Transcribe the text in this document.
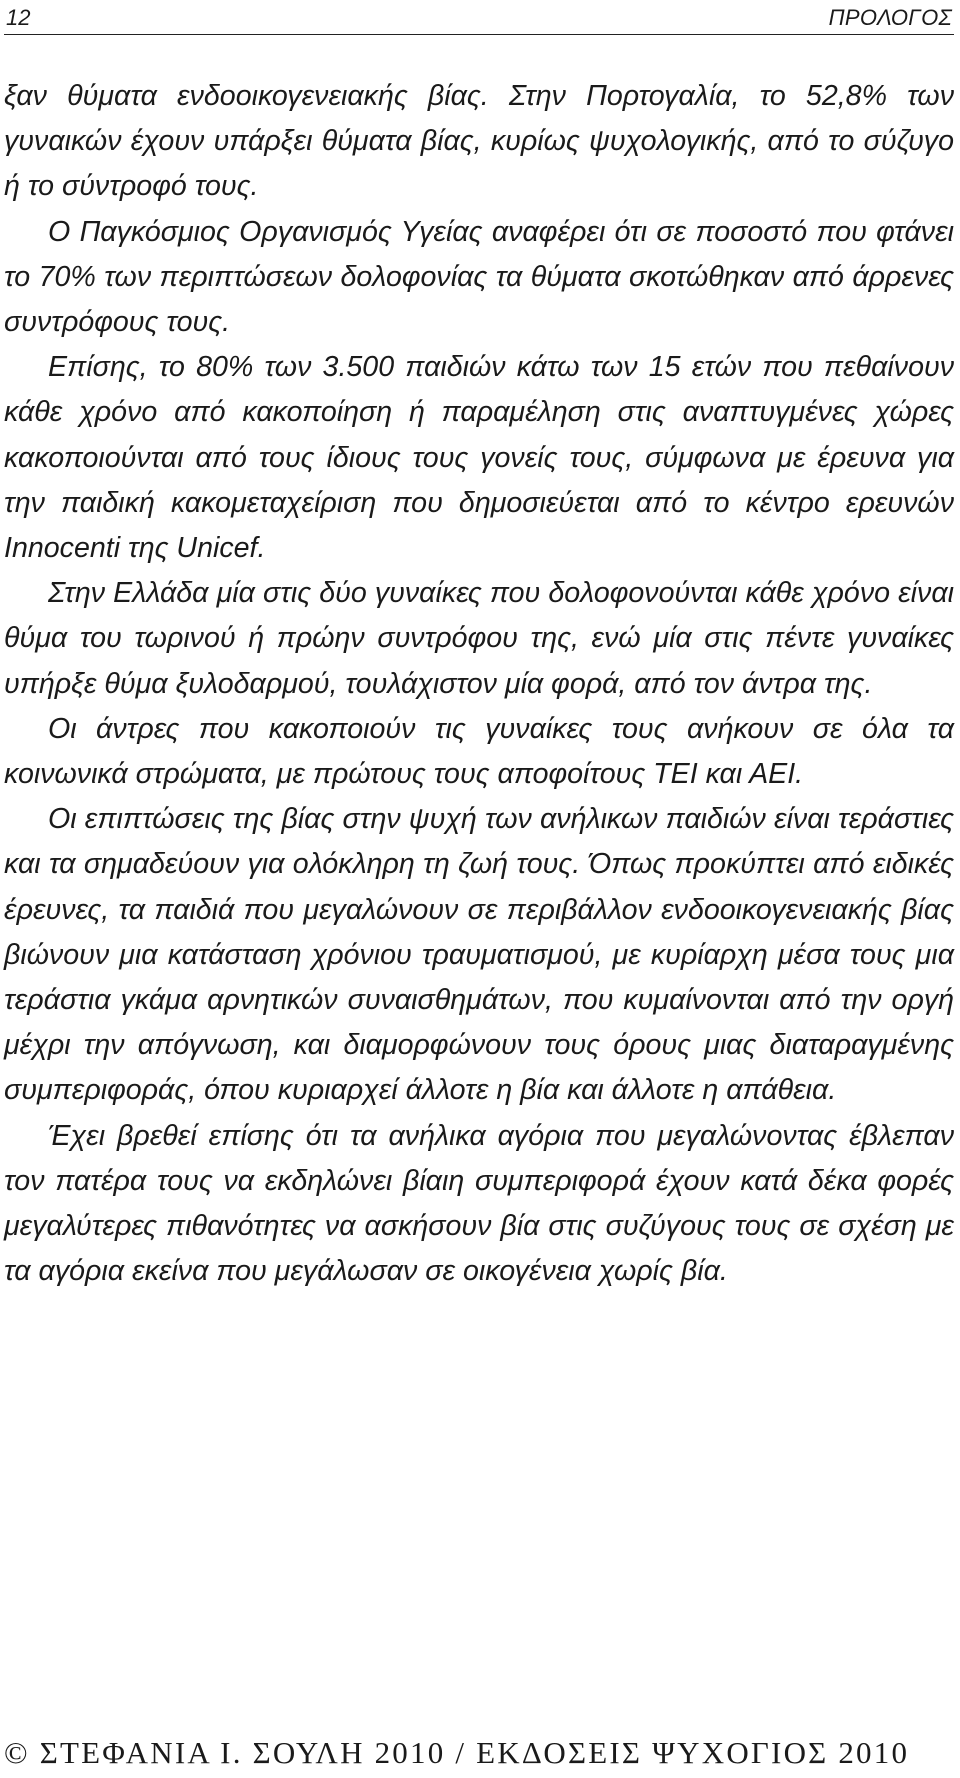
12	ΠΡΟΛΟΓΟΣ

ξαν θύματα ενδοοικογενειακής βίας. Στην Πορτογαλία, το 52,8% των γυναικών έχουν υπάρξει θύματα βίας, κυρίως ψυχολογικής, από το σύζυγο ή το σύντροφό τους.

Ο Παγκόσμιος Οργανισμός Υγείας αναφέρει ότι σε ποσοστό που φτάνει το 70% των περιπτώσεων δολοφονίας τα θύματα σκοτώθηκαν από άρρενες συντρόφους τους.

Επίσης, το 80% των 3.500 παιδιών κάτω των 15 ετών που πεθαίνουν κάθε χρόνο από κακοποίηση ή παραμέληση στις αναπτυγμένες χώρες κακοποιούνται από τους ίδιους τους γονείς τους, σύμφωνα με έρευνα για την παιδική κακομεταχείριση που δημοσιεύεται από το κέντρο ερευνών Innocenti της Unicef.

Στην Ελλάδα μία στις δύο γυναίκες που δολοφονούνται κάθε χρόνο είναι θύμα του τωρινού ή πρώην συντρόφου της, ενώ μία στις πέντε γυναίκες υπήρξε θύμα ξυλοδαρμού, τουλάχιστον μία φορά, από τον άντρα της.

Οι άντρες που κακοποιούν τις γυναίκες τους ανήκουν σε όλα τα κοινωνικά στρώματα, με πρώτους τους αποφοίτους ΤΕΙ και ΑΕΙ.

Οι επιπτώσεις της βίας στην ψυχή των ανήλικων παιδιών είναι τεράστιες και τα σημαδεύουν για ολόκληρη τη ζωή τους. Όπως προκύπτει από ειδικές έρευνες, τα παιδιά που μεγαλώνουν σε περιβάλλον ενδοοικογενειακής βίας βιώνουν μια κατάσταση χρόνιου τραυματισμού, με κυρίαρχη μέσα τους μια τεράστια γκάμα αρνητικών συναισθημάτων, που κυμαίνονται από την οργή μέχρι την απόγνωση, και διαμορφώνουν τους όρους μιας διαταραγμένης συμπεριφοράς, όπου κυριαρχεί άλλοτε η βία και άλλοτε η απάθεια.

Έχει βρεθεί επίσης ότι τα ανήλικα αγόρια που μεγαλώνοντας έβλεπαν τον πατέρα τους να εκδηλώνει βίαιη συμπεριφορά έχουν κατά δέκα φορές μεγαλύτερες πιθανότητες να ασκήσουν βία στις συζύγους τους σε σχέση με τα αγόρια εκείνα που μεγάλωσαν σε οικογένεια χωρίς βία.

© ΣΤΕΦΑΝΙΑ Ι. ΣΟΥΛΗ 2010 / ΕΚΔΟΣΕΙΣ ΨΥΧΟΓΙΟΣ 2010
